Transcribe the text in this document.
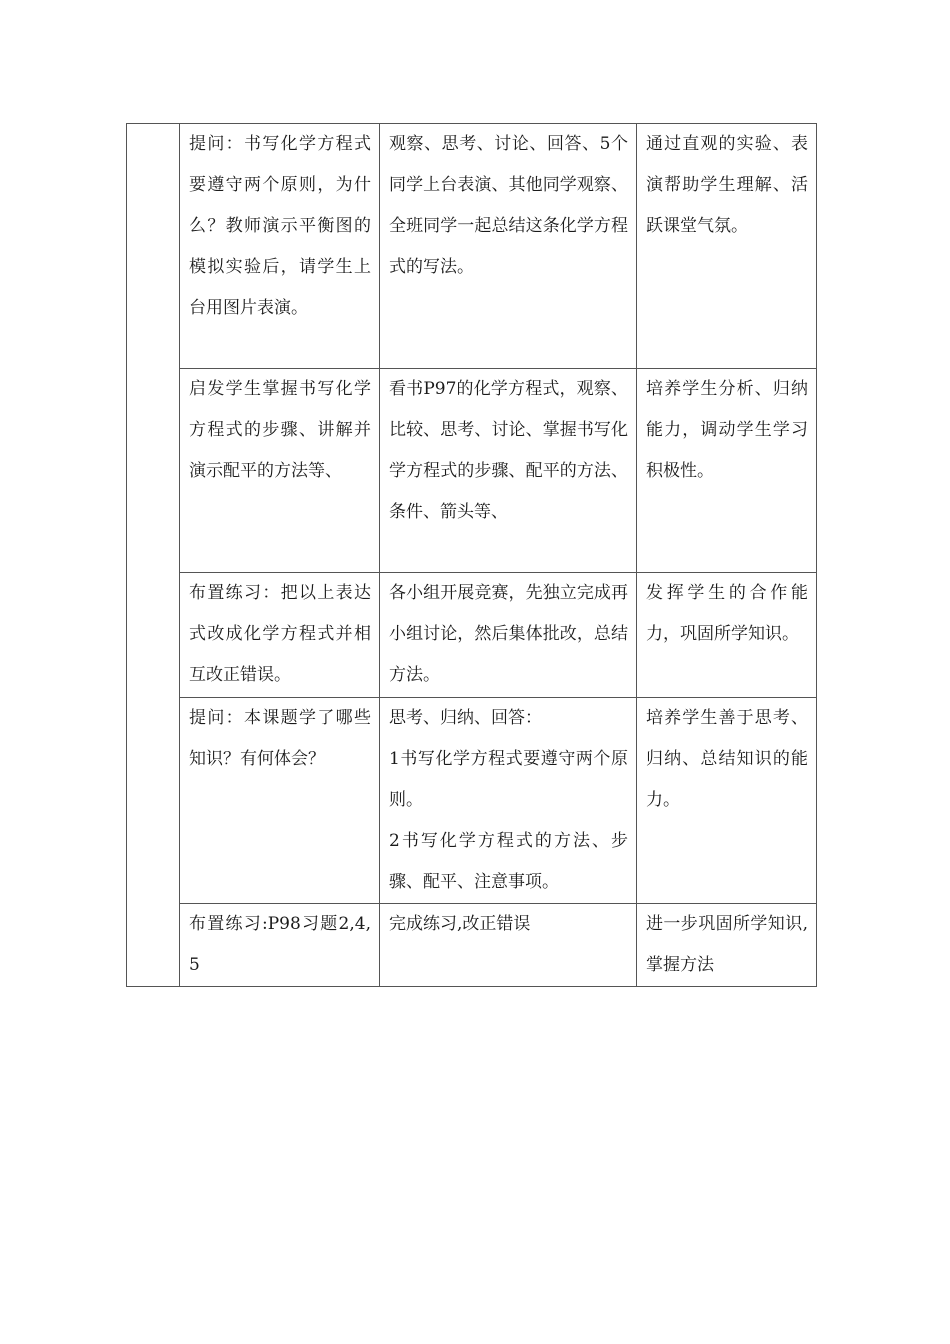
	提问：书写化学方程式要遵守两个原则，为什么？教师演示平衡图的模拟实验后，请学生上台用图片表演。	观察、思考、讨论、回答、5个同学上台表演、其他同学观察、全班同学一起总结这条化学方程式的写法。	通过直观的实验、表演帮助学生理解、活跃课堂气氛。

	启发学生掌握书写化学方程式的步骤、讲解并演示配平的方法等、	看书P97的化学方程式，观察、比较、思考、讨论、掌握书写化学方程式的步骤、配平的方法、条件、箭头等、	培养学生分析、归纳能力，调动学生学习积极性。

	布置练习：把以上表达式改成化学方程式并相互改正错误。	各小组开展竞赛，先独立完成再小组讨论，然后集体批改，总结方法。	发挥学生的合作能力，巩固所学知识。

	提问：本课题学了哪些知识？有何体会？	思考、归纳、回答：
1书写化学方程式要遵守两个原则。
2书写化学方程式的方法、步骤、配平、注意事项。	培养学生善于思考、归纳、总结知识的能力。

	布置练习:P98习题2,4,5	完成练习,改正错误	进一步巩固所学知识,掌握方法
